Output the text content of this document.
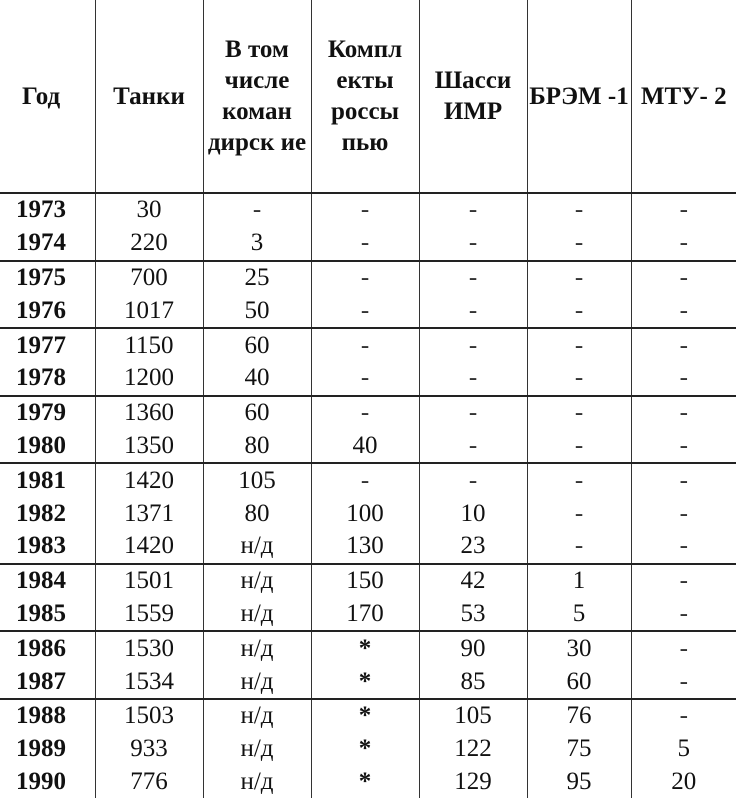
Год	Танки	В том числе коман дирск ие	Компл екты россы пью	Шасси ИМР	БРЭМ -1	МТУ- 2
1973	30	-	-	-	-	-
1974	220	3	-	-	-	-
1975	700	25	-	-	-	-
1976	1017	50	-	-	-	-
1977	1150	60	-	-	-	-
1978	1200	40	-	-	-	-
1979	1360	60	-	-	-	-
1980	1350	80	40	-	-	-
1981	1420	105	-	-	-	-
1982	1371	80	100	10	-	-
1983	1420	н/д	130	23	-	-
1984	1501	н/д	150	42	1	-
1985	1559	н/д	170	53	5	-
1986	1530	н/д	*	90	30	-
1987	1534	н/д	*	85	60	-
1988	1503	н/д	*	105	76	-
1989	933	н/д	*	122	75	5
1990	776	н/д	*	129	95	20
